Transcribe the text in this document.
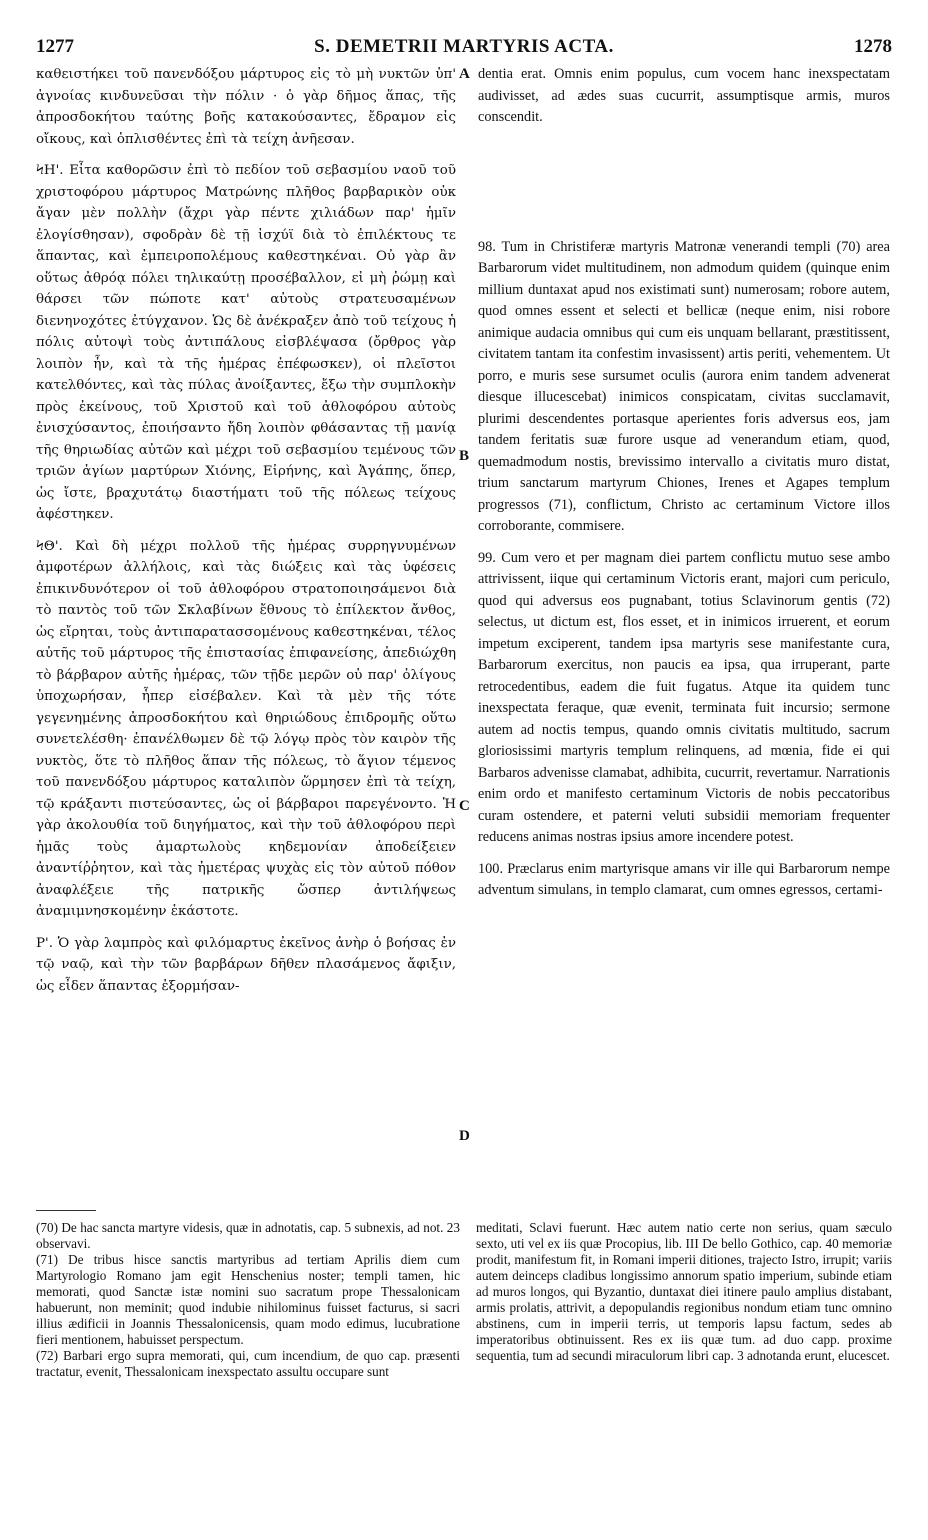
1277	S. DEMETRII MARTYRIS ACTA.	1278

καθειστήκει τοῦ πανενδόξου μάρτυρος εἰς τὸ μὴ νυκτῶν ὑπ' ἀγνοίας κινδυνεῦσαι τὴν πόλιν · ὁ γὰρ δῆμος ἅπας, τῆς ἀπροσδοκήτου ταύτης βοῆς κατακούσαντες, ἔδραμον εἰς οἴκους, καὶ ὁπλισθέντες ἐπὶ τὰ τείχη ἀνῆεσαν.

ϞΗ'. Εἶτα καθορῶσιν ἐπὶ τὸ πεδίον τοῦ σεβασμίου ναοῦ τοῦ χριστοφόρου μάρτυρος Ματρώνης πλῆθος βαρβαρικὸν οὐκ ἄγαν μὲν πολλὴν (ἄχρι γὰρ πέντε χιλιάδων παρ' ἡμῖν ἐλογίσθησαν), σφοδρὰν δὲ τῇ ἰσχύϊ διὰ τὸ ἐπιλέκτους τε ἅπαντας, καὶ ἐμπειροπολέμους καθεστηκέναι. Οὐ γὰρ ἂν οὕτως ἀθρόᾳ πόλει τηλικαύτῃ προσέβαλλον, εἰ μὴ ῥώμῃ καὶ θάρσει τῶν πώποτε κατ' αὐτοὺς στρατευσαμένων διενηνοχότες ἐτύγχανον. Ὡς δὲ ἀνέκραξεν ἀπὸ τοῦ τείχους ἡ πόλις αὐτοψὶ τοὺς ἀντιπάλους εἰσβλέψασα (ὄρθρος γὰρ λοιπὸν ἦν, καὶ τὰ τῆς ἡμέρας ἐπέφωσκεν), οἱ πλεῖστοι κατελθόντες, καὶ τὰς πύλας ἀνοίξαντες, ἔξω τὴν συμπλοκὴν πρὸς ἐκείνους, τοῦ Χριστοῦ καὶ τοῦ ἀθλοφόρου αὐτοὺς ἐνισχύσαντος, ἐποιήσαντο ἤδη λοιπὸν φθάσαντας τῇ μανίᾳ τῆς θηριωδίας αὐτῶν καὶ μέχρι τοῦ σεβασμίου τεμένους τῶν τριῶν ἁγίων μαρτύρων Χιόνης, Εἰρήνης, καὶ Ἀγάπης, ὅπερ, ὡς ἴστε, βραχυτάτῳ διαστήματι τοῦ τῆς πόλεως τείχους ἀφέστηκεν.

ϞΘ'. Καὶ δὴ μέχρι πολλοῦ τῆς ἡμέρας συρρηγνυμένων ἀμφοτέρων ἀλλήλοις, καὶ τὰς διώξεις καὶ τὰς ὑφέσεις ἐπικινδυνότερον οἱ τοῦ ἀθλοφόρου στρατοποιησάμενοι διὰ τὸ παντὸς τοῦ τῶν Σκλαβίνων ἔθνους τὸ ἐπίλεκτον ἄνθος, ὡς εἴρηται, τοὺς ἀντιπαρατασσομένους καθεστηκέναι, τέλος αὐτῆς τοῦ μάρτυρος τῆς ἐπιστασίας ἐπιφανείσης, ἀπεδιώχθη τὸ βάρβαρον αὐτῆς ἡμέρας, τῶν τῇδε μερῶν οὐ παρ' ὀλίγους ὑποχωρήσαν, ἧπερ εἰσέβαλεν. Καὶ τὰ μὲν τῆς τότε γεγενημένης ἀπροσδοκήτου καὶ θηριώδους ἐπιδρομῆς οὕτω συνετελέσθη· ἐπανέλθωμεν δὲ τῷ λόγῳ πρὸς τὸν καιρὸν τῆς νυκτὸς, ὅτε τὸ πλῆθος ἅπαν τῆς πόλεως, τὸ ἅγιον τέμενος τοῦ πανενδόξου μάρτυρος καταλιπὸν ὥρμησεν ἐπὶ τὰ τείχη, τῷ κράξαντι πιστεύσαντες, ὡς οἱ βάρβαροι παρεγένοντο. Ἡ γὰρ ἀκολουθία τοῦ διηγήματος, καὶ τὴν τοῦ ἀθλοφόρου περὶ ἡμᾶς τοὺς ἁμαρτωλοὺς κηδεμονίαν ἀποδείξειεν ἀναντίῤῥητον, καὶ τὰς ἡμετέρας ψυχὰς εἰς τὸν αὐτοῦ πόθον ἀναφλέξειε τῆς πατρικῆς ὥσπερ ἀντιλήψεως ἀναμιμνησκομένην ἑκάστοτε.

Ρ'. Ὁ γὰρ λαμπρὸς καὶ φιλόμαρτυς ἐκεῖνος ἀνὴρ ὁ βοήσας ἐν τῷ ναῷ, καὶ τὴν τῶν βαρβάρων δῆθεν πλασάμενος ἄφιξιν, ὡς εἶδεν ἅπαντας ἐξορμήσαν-

dentia erat. Omnis enim populus, cum vocem hanc inexspectatam audivisset, ad ædes suas cucurrit, assumptisque armis, muros conscendit.

98. Tum in Christiferæ martyris Matronæ venerandi templi (70) area Barbarorum videt multitudinem, non admodum quidem (quinque enim millium duntaxat apud nos existimati sunt) numerosam; robore autem, quod omnes essent et selecti et bellicæ (neque enim, nisi robore animique audacia omnibus qui cum eis unquam bellarant, præstitissent, civitatem tantam ita confestim invasissent) artis periti, vehementem. Ut porro, e muris sese sursumet oculis (aurora enim tandem advenerat diesque illucescebat) inimicos conspicatam, civitas succlamavit, plurimi descendentes portasque aperientes foris adversus eos, jam tandem feritatis suæ furore usque ad venerandum etiam, quod, quemadmodum nostis, brevissimo intervallo a civitatis muro distat, trium sanctarum martyrum Chiones, Irenes et Agapes templum progressos (71), conflictum, Christo ac certaminum Victore illos corroborante, commisere.

99. Cum vero et per magnam diei partem conflictu mutuo sese ambo attrivissent, iique qui certaminum Victoris erant, majori cum periculo, quod qui adversus eos pugnabant, totius Sclavinorum gentis (72) selectus, ut dictum est, flos esset, et in inimicos irruerent, et eorum impetum exciperent, tandem ipsa martyris sese manifestante cura, Barbarorum exercitus, non paucis ea ipsa, qua irruperant, parte retrocedentibus, eadem die fuit fugatus. Atque ita quidem tunc inexspectata feraque, quæ evenit, terminata fuit incursio; sermone autem ad noctis tempus, quando omnis civitatis multitudo, sacrum gloriosissimi martyris templum relinquens, ad mœnia, fide ei qui Barbaros advenisse clamabat, adhibita, cucurrit, revertamur. Narrationis enim ordo et manifesto certaminum Victoris de nobis peccatoribus curam ostendere, et paterni veluti subsidii memoriam frequenter reducens animas nostras ipsius amore incendere potest.

100. Præclarus enim martyrisque amans vir ille qui Barbarorum nempe adventum simulans, in templo clamarat, cum omnes egressos, certami-

A
B
C
D

(70) De hac sancta martyre videsis, quæ in adnotatis, cap. 5 subnexis, ad not. 23 observavi.

(71) De tribus hisce sanctis martyribus ad tertiam Aprilis diem cum Martyrologio Romano jam egit Henschenius noster; templi tamen, hic memorati, quod Sanctæ istæ nomini suo sacratum prope Thessalonicam habuerunt, non meminit; quod indubie nihilominus fuisset facturus, si sacri illius ædificii in Joannis Thessalonicensis, quam modo edimus, lucubratione fieri mentionem, habuisset perspectum.

(72) Barbari ergo supra memorati, qui, cum incendium, de quo cap. præsenti tractatur, evenit, Thessalonicam inexspectato assultu occupare sunt

meditati, Sclavi fuerunt. Hæc autem natio certe non serius, quam sæculo sexto, uti vel ex iis quæ Procopius, lib. III De bello Gothico, cap. 40 memoriæ prodit, manifestum fit, in Romani imperii ditiones, trajecto Istro, irrupit; variis autem deinceps cladibus longissimo annorum spatio imperium, subinde etiam ad muros longos, qui Byzantio, duntaxat diei itinere paulo amplius distabant, armis prolatis, attrivit, a depopulandis regionibus nondum etiam tunc omnino abstinens, cum in imperii terris, ut temporis lapsu factum, sedes ab imperatoribus obtinuissent. Res ex iis quæ tum. ad duo capp. proxime sequentia, tum ad secundi miraculorum libri cap. 3 adnotanda erunt, elucescet.
